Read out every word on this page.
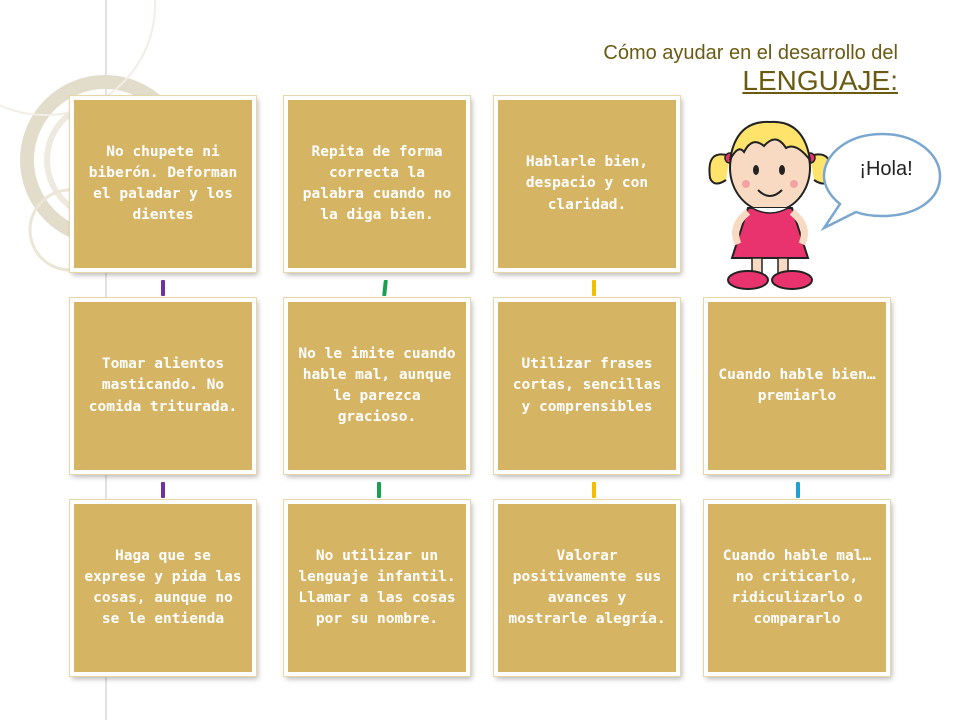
Cómo ayudar en el desarrollo del
LENGUAJE:
No chupete ni biberón. Deforman el paladar y los dientes
Repita de forma correcta la palabra cuando no la diga bien.
Hablarle bien, despacio y con claridad.
Tomar alientos masticando. No comida triturada.
No le imite cuando hable mal, aunque le parezca gracioso.
Utilizar frases cortas, sencillas y comprensibles
Cuando hable bien…premiarlo
Haga que se exprese y pida las cosas, aunque no se le entienda
No utilizar un lenguaje infantil. Llamar a las cosas por su nombre.
Valorar positivamente sus avances y mostrarle alegría.
Cuando hable mal…no criticarlo, ridiculizarlo o compararlo
¡Hola!
